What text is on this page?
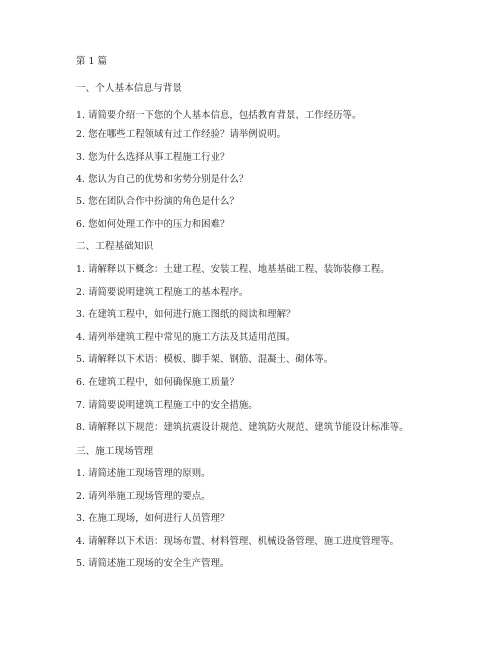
第 1 篇
一、个人基本信息与背景
1. 请简要介绍一下您的个人基本信息，包括教育背景、工作经历等。
2. 您在哪些工程领域有过工作经验？请举例说明。
3. 您为什么选择从事工程施工行业？
4. 您认为自己的优势和劣势分别是什么？
5. 您在团队合作中扮演的角色是什么？
6. 您如何处理工作中的压力和困难？
二、工程基础知识
1. 请解释以下概念：土建工程、安装工程、地基基础工程、装饰装修工程。
2. 请简要说明建筑工程施工的基本程序。
3. 在建筑工程中，如何进行施工图纸的阅读和理解？
4. 请列举建筑工程中常见的施工方法及其适用范围。
5. 请解释以下术语：模板、脚手架、钢筋、混凝土、砌体等。
6. 在建筑工程中，如何确保施工质量？
7. 请简要说明建筑工程施工中的安全措施。
8. 请解释以下规范：建筑抗震设计规范、建筑防火规范、建筑节能设计标准等。
三、施工现场管理
1. 请简述施工现场管理的原则。
2. 请列举施工现场管理的要点。
3. 在施工现场，如何进行人员管理？
4. 请解释以下术语：现场布置、材料管理、机械设备管理、施工进度管理等。
5. 请简述施工现场的安全生产管理。
